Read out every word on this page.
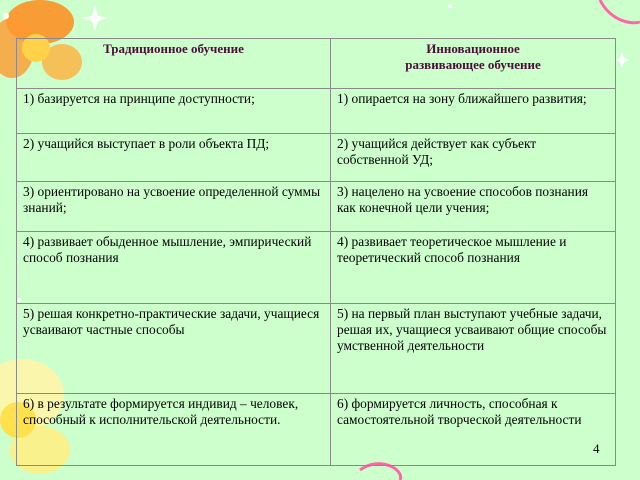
Традиционное обучение	Инновационное
развивающее обучение
1) базируется на принципе доступности;	1) опирается на зону ближайшего развития;
2) учащийся выступает в роли объекта ПД;	2) учащийся действует как субъект собственной УД;
3) ориентировано на усвоение определенной суммы знаний;	3) нацелено на усвоение способов познания как конечной цели учения;
4) развивает обыденное мышление, эмпирический способ познания	4) развивает теоретическое мышление и теоретический способ познания
5) решая конкретно-практические задачи, учащиеся усваивают частные способы	5) на первый план выступают учебные задачи, решая их, учащиеся усваивают общие способы умственной деятельности
6) в результате формируется индивид – человек, способный к исполнительской деятельности.	6) формируется личность, способная к самостоятельной творческой деятельности
4
